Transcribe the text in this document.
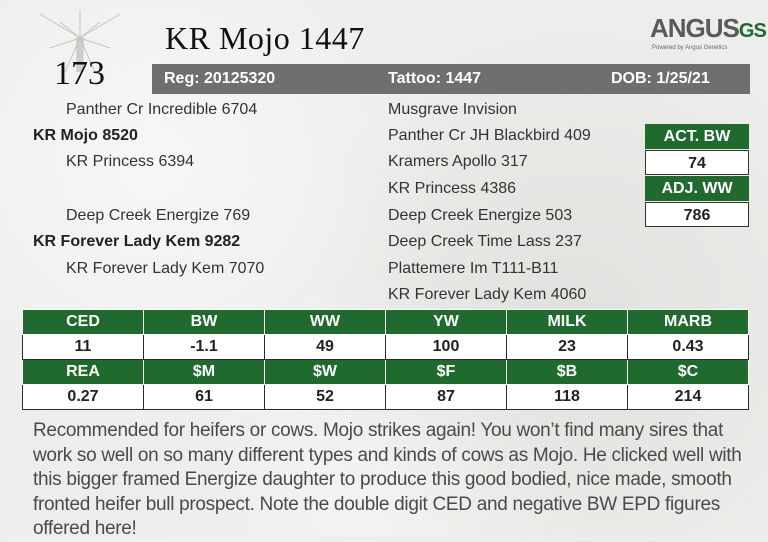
173
KR Mojo 1447	ANGUSGS
Powered by Angus Genetics
Reg: 20125320	Tattoo: 1447	DOB: 1/25/21
Panther Cr Incredible 6704
KR Mojo 8520
KR Princess 6394
Deep Creek Energize 769
KR Forever Lady Kem 9282
KR Forever Lady Kem 7070
Musgrave Invision
Panther Cr JH Blackbird 409
Kramers Apollo 317
KR Princess 4386
Deep Creek Energize 503
Deep Creek Time Lass 237
Plattemere Im T111-B11
KR Forever Lady Kem 4060
ACT. BW
74
ADJ. WW
786
CED	BW	WW	YW	MILK	MARB
11	-1.1	49	100	23	0.43
REA	$M	$W	$F	$B	$C
0.27	61	52	87	118	214
Recommended for heifers or cows. Mojo strikes again! You won’t find many sires that work so well on so many different types and kinds of cows as Mojo. He clicked well with this bigger framed Energize daughter to produce this good bodied, nice made, smooth fronted heifer bull prospect. Note the double digit CED and negative BW EPD figures offered here!
